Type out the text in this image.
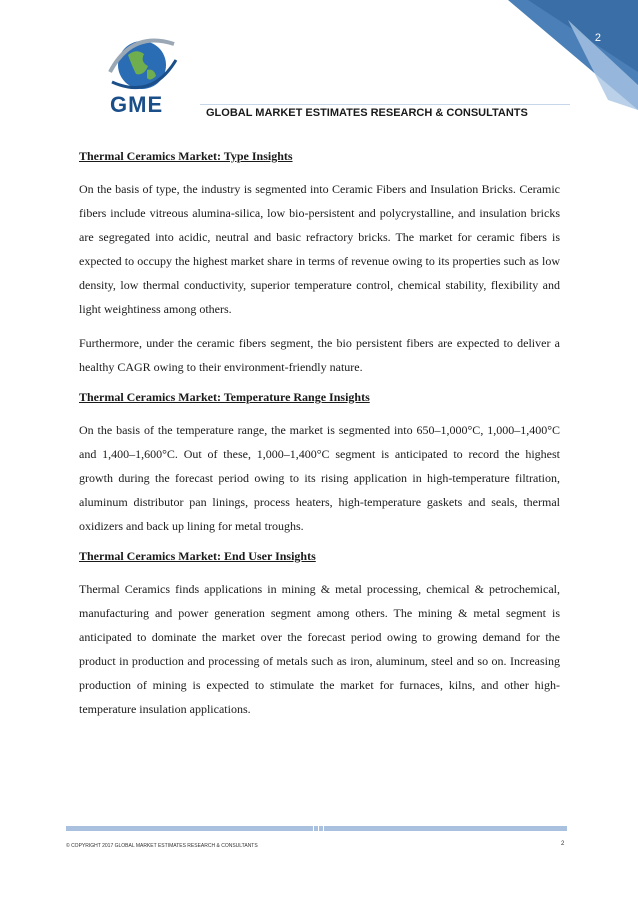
2
GME	GLOBAL MARKET ESTIMATES RESEARCH & CONSULTANTS

Thermal Ceramics Market: Type Insights

On the basis of type, the industry is segmented into Ceramic Fibers and Insulation Bricks. Ceramic fibers include vitreous alumina-silica, low bio-persistent and polycrystalline, and insulation bricks are segregated into acidic, neutral and basic refractory bricks. The market for ceramic fibers is expected to occupy the highest market share in terms of revenue owing to its properties such as low density, low thermal conductivity, superior temperature control, chemical stability, flexibility and light weightiness among others.

Furthermore, under the ceramic fibers segment, the bio persistent fibers are expected to deliver a healthy CAGR owing to their environment-friendly nature.

Thermal Ceramics Market: Temperature Range Insights

On the basis of the temperature range, the market is segmented into 650–1,000°C, 1,000–1,400°C and 1,400–1,600°C. Out of these, 1,000–1,400°C segment is anticipated to record the highest growth during the forecast period owing to its rising application in high-temperature filtration, aluminum distributor pan linings, process heaters, high-temperature gaskets and seals, thermal oxidizers and back up lining for metal troughs.

Thermal Ceramics Market: End User Insights

Thermal Ceramics finds applications in mining & metal processing, chemical & petrochemical, manufacturing and power generation segment among others. The mining & metal segment is anticipated to dominate the market over the forecast period owing to growing demand for the product in production and processing of metals such as iron, aluminum, steel and so on. Increasing production of mining is expected to stimulate the market for furnaces, kilns, and other high-temperature insulation applications.

© COPYRIGHT 2017 GLOBAL MARKET ESTIMATES RESEARCH & CONSULTANTS	2
